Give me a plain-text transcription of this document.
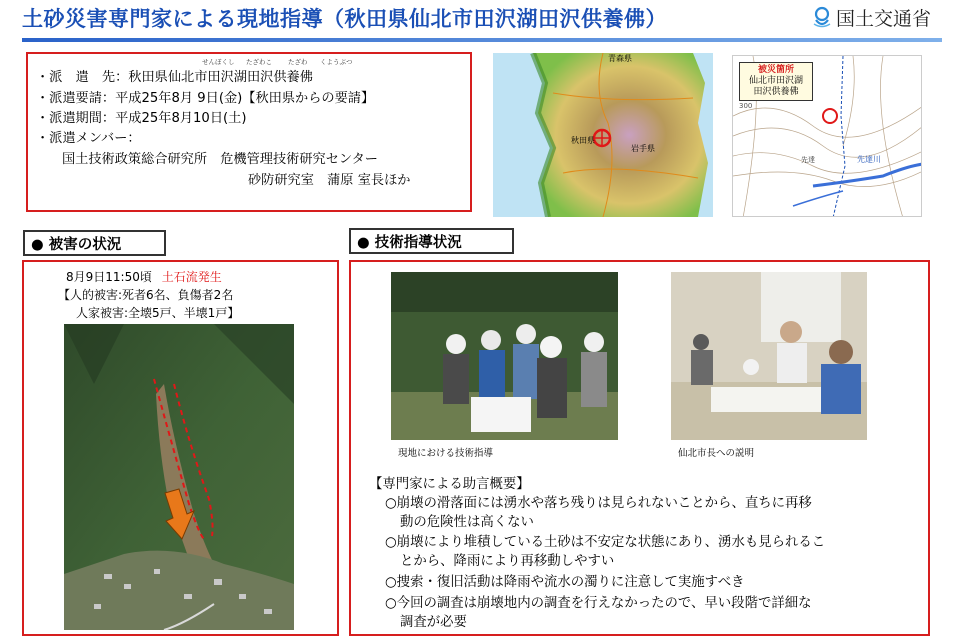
土砂災害専門家による現地指導（秋田県仙北市田沢湖田沢供養佛）	国土交通省
せんぼくし たざわこ たざわ くようぶつ
・派　遣　先：秋田県仙北市田沢湖田沢供養佛
・派遣要請：平成25年8月 9日(金)【秋田県からの要請】
・派遣期間：平成25年8月10日(土)
・派遣メンバー：
国土技術政策総合研究所　危機管理技術研究センター
砂防研究室　蒲原 室長ほか
青森県
秋田県
岩手県
300
先達	先達川
被災箇所
仙北市田沢湖
田沢供養佛
● 被害の状況	● 技術指導状況
8月9日11:50頃 土石流発生
【人的被害:死者6名、負傷者2名
人家被害:全壊5戸、半壊1戸】
現地における技術指導	仙北市長への説明
【専門家による助言概要】
○崩壊の滑落面には湧水や落ち残りは見られないことから、直ちに再移
動の危険性は高くない
○崩壊により堆積している土砂は不安定な状態にあり、湧水も見られるこ
とから、降雨により再移動しやすい
○捜索・復旧活動は降雨や流水の濁りに注意して実施すべき
○今回の調査は崩壊地内の調査を行えなかったので、早い段階で詳細な
調査が必要
